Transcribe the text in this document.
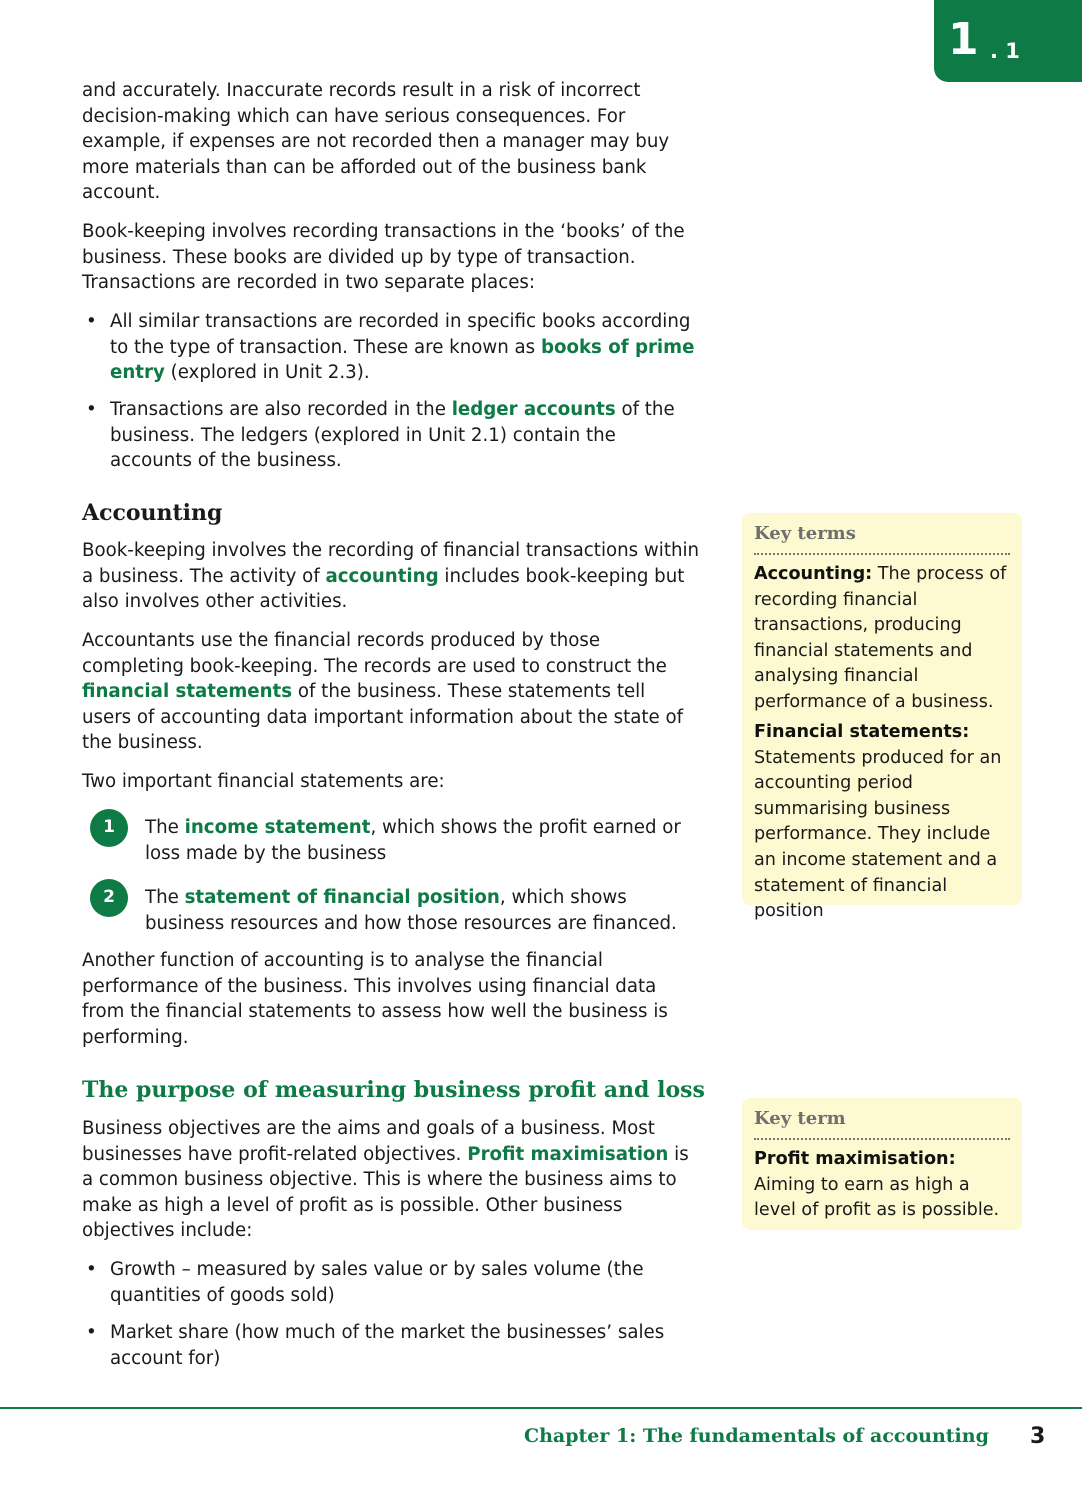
1 . 1

and accurately. Inaccurate records result in a risk of incorrect decision-making which can have serious consequences. For example, if expenses are not recorded then a manager may buy more materials than can be afforded out of the business bank account.

Book-keeping involves recording transactions in the ‘books’ of the business. These books are divided up by type of transaction. Transactions are recorded in two separate places:

• All similar transactions are recorded in specific books according to the type of transaction. These are known as books of prime entry (explored in Unit 2.3).

• Transactions are also recorded in the ledger accounts of the business. The ledgers (explored in Unit 2.1) contain the accounts of the business.

Accounting

Book-keeping involves the recording of financial transactions within a business. The activity of accounting includes book-keeping but also involves other activities.

Accountants use the financial records produced by those completing book-keeping. The records are used to construct the financial statements of the business. These statements tell users of accounting data important information about the state of the business.

Two important financial statements are:

1	The income statement, which shows the profit earned or loss made by the business

2	The statement of financial position, which shows business resources and how those resources are financed.

Another function of accounting is to analyse the financial performance of the business. This involves using financial data from the financial statements to assess how well the business is performing.

The purpose of measuring business profit and loss

Business objectives are the aims and goals of a business. Most businesses have profit-related objectives. Profit maximisation is a common business objective. This is where the business aims to make as high a level of profit as is possible. Other business objectives include:

• Growth – measured by sales value or by sales volume (the quantities of goods sold)

• Market share (how much of the market the businesses’ sales account for)

Key terms

Accounting: The process of recording financial transactions, producing financial statements and analysing financial performance of a business.

Financial statements: Statements produced for an accounting period summarising business performance. They include an income statement and a statement of financial position

Key term

Profit maximisation: Aiming to earn as high a level of profit as is possible.

Chapter 1: The fundamentals of accounting 3
